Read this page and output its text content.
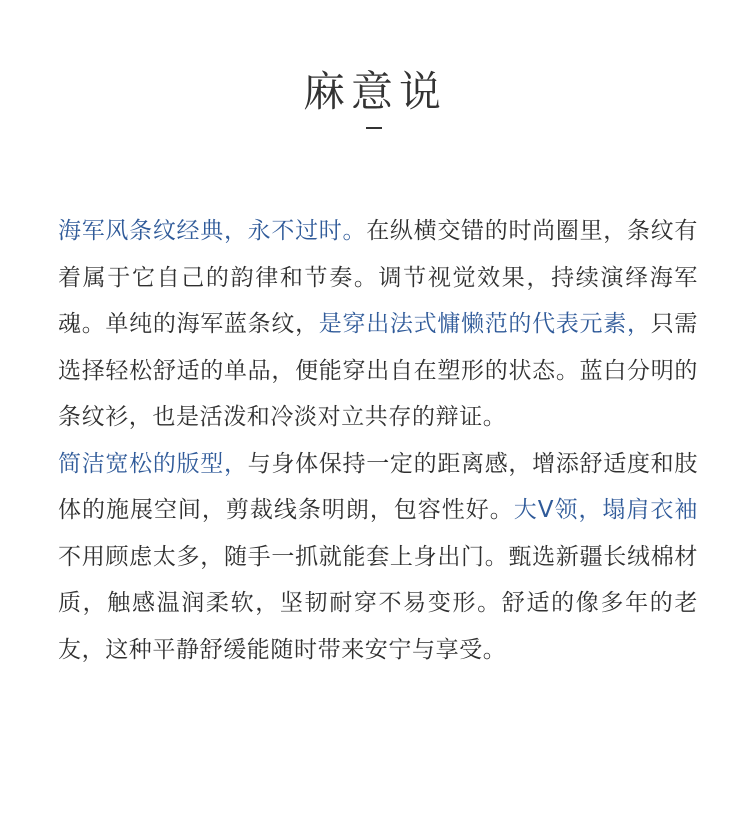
麻意说

海军风条纹经典，永不过时。在纵横交错的时尚圈里，条纹有着属于它自己的韵律和节奏。调节视觉效果，持续演绎海军魂。单纯的海军蓝条纹，是穿出法式慵懒范的代表元素，只需选择轻松舒适的单品，便能穿出自在塑形的状态。蓝白分明的条纹衫，也是活泼和冷淡对立共存的辩证。

简洁宽松的版型，与身体保持一定的距离感，增添舒适度和肢体的施展空间，剪裁线条明朗，包容性好。大V领，塌肩衣袖不用顾虑太多，随手一抓就能套上身出门。甄选新疆长绒棉材质，触感温润柔软，坚韧耐穿不易变形。舒适的像多年的老友，这种平静舒缓能随时带来安宁与享受。
